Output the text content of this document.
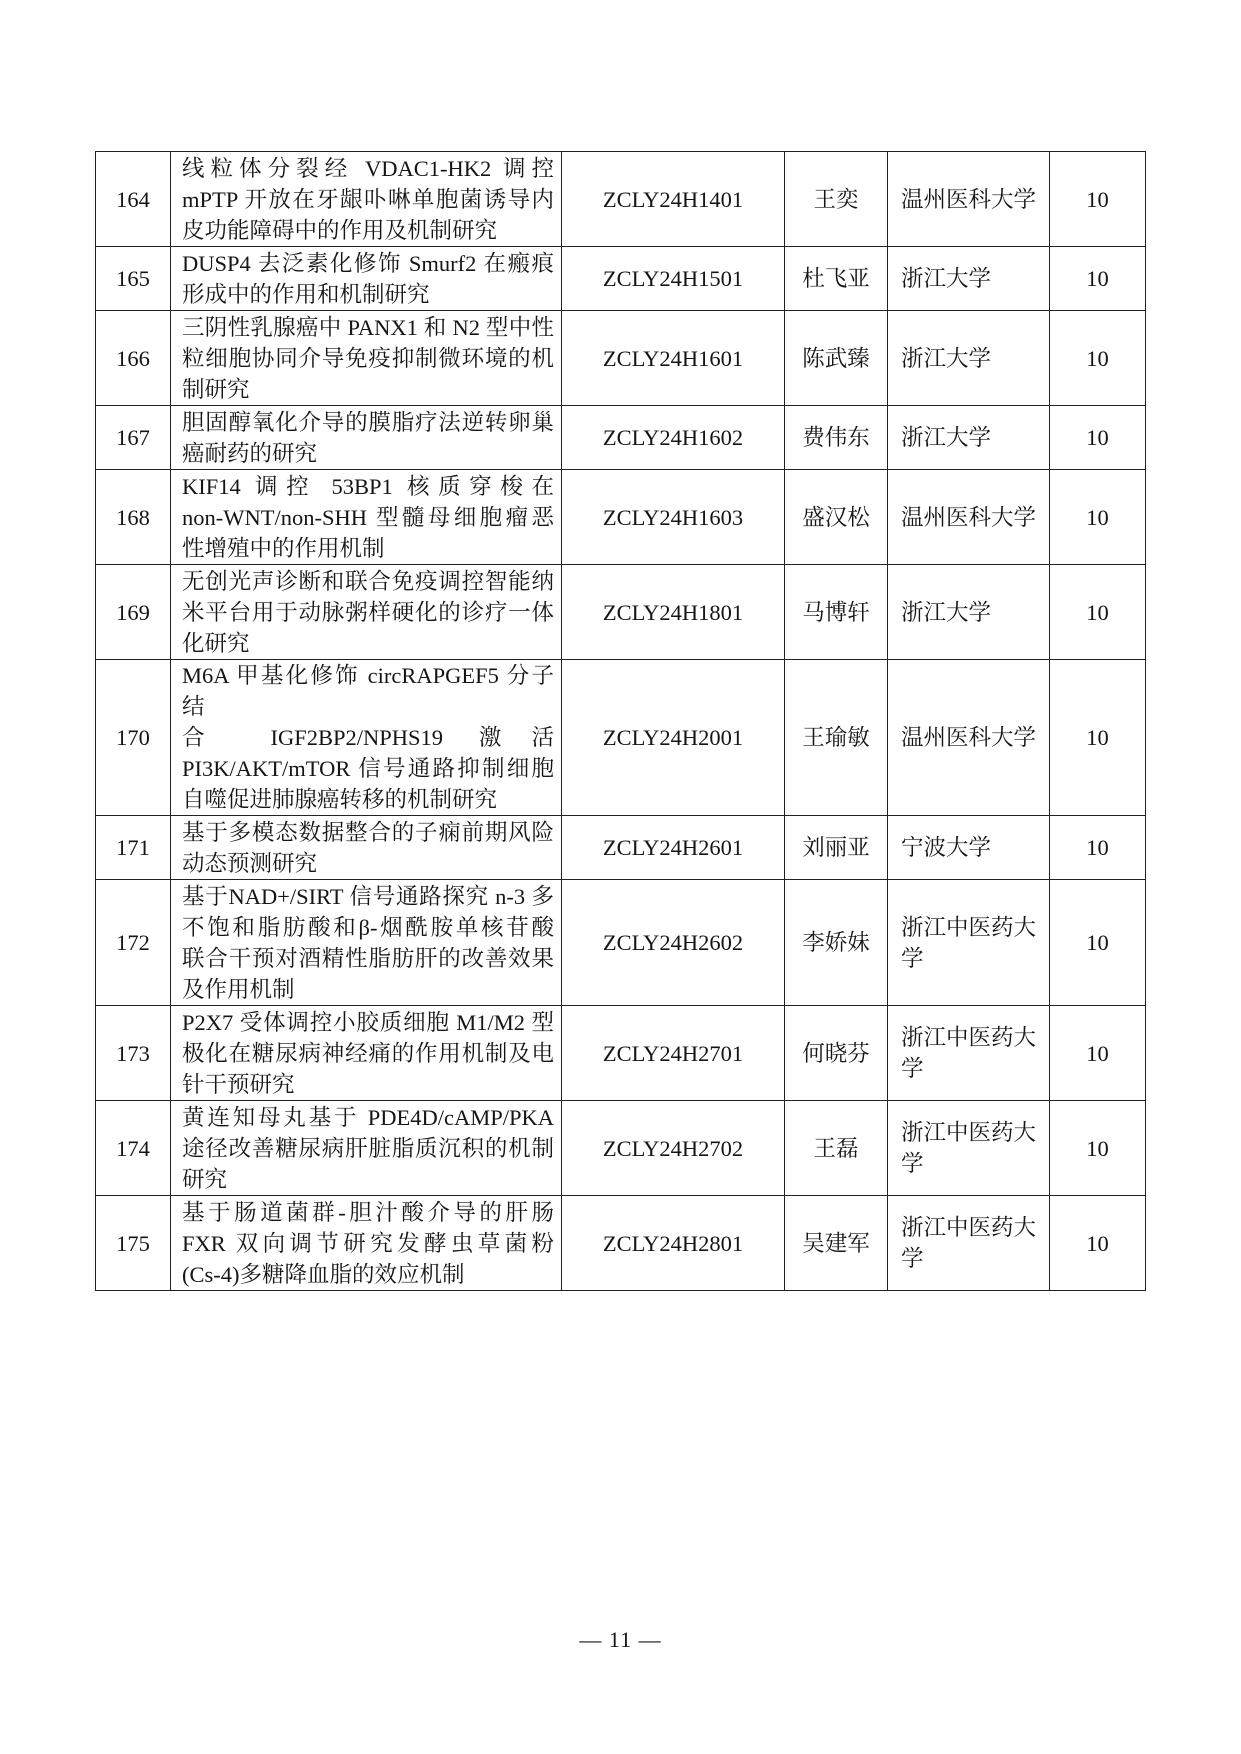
164	线粒体分裂经 VDAC1-HK2 调控
mPTP 开放在牙龈卟啉单胞菌诱导内
皮功能障碍中的作用及机制研究	ZCLY24H1401	王奕	温州医科大学	10
165	DUSP4 去泛素化修饰 Smurf2 在瘢痕
形成中的作用和机制研究	ZCLY24H1501	杜飞亚	浙江大学	10
166	三阴性乳腺癌中 PANX1 和 N2 型中性
粒细胞协同介导免疫抑制微环境的机
制研究	ZCLY24H1601	陈武臻	浙江大学	10
167	胆固醇氧化介导的膜脂疗法逆转卵巢
癌耐药的研究	ZCLY24H1602	费伟东	浙江大学	10
168	KIF14 调控 53BP1 核质穿梭在
non-WNT/non-SHH 型髓母细胞瘤恶
性增殖中的作用机制	ZCLY24H1603	盛汉松	温州医科大学	10
169	无创光声诊断和联合免疫调控智能纳
米平台用于动脉粥样硬化的诊疗一体
化研究	ZCLY24H1801	马博轩	浙江大学	10
170	M6A 甲基化修饰 circRAPGEF5 分子结
合 IGF2BP2/NPHS19 激活
PI3K/AKT/mTOR 信号通路抑制细胞
自噬促进肺腺癌转移的机制研究	ZCLY24H2001	王瑜敏	温州医科大学	10
171	基于多模态数据整合的子痫前期风险
动态预测研究	ZCLY24H2601	刘丽亚	宁波大学	10
172	基于NAD+/SIRT 信号通路探究 n-3 多
不饱和脂肪酸和β-烟酰胺单核苷酸
联合干预对酒精性脂肪肝的改善效果
及作用机制	ZCLY24H2602	李娇妹	浙江中医药大学	10
173	P2X7 受体调控小胶质细胞 M1/M2 型
极化在糖尿病神经痛的作用机制及电
针干预研究	ZCLY24H2701	何晓芬	浙江中医药大学	10
174	黄连知母丸基于 PDE4D/cAMP/PKA
途径改善糖尿病肝脏脂质沉积的机制
研究	ZCLY24H2702	王磊	浙江中医药大学	10
175	基于肠道菌群-胆汁酸介导的肝肠
FXR 双向调节研究发酵虫草菌粉
(Cs-4)多糖降血脂的效应机制	ZCLY24H2801	吴建军	浙江中医药大学	10
— 11 —
